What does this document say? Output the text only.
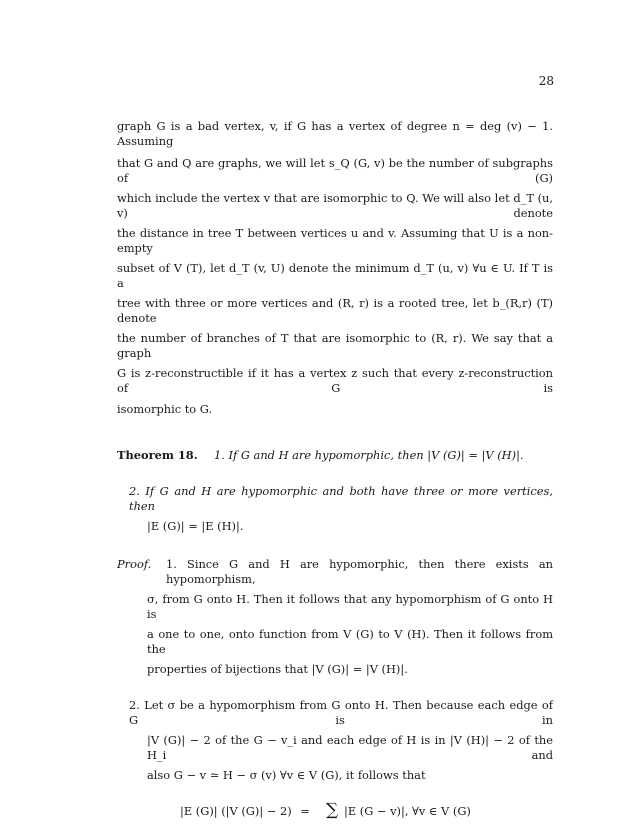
28
graph G is a bad vertex, v, if G has a vertex of degree n = deg (v) − 1. Assuming
that G and Q are graphs, we will let s_Q (G, v) be the number of subgraphs of (G)
which include the vertex v that are isomorphic to Q. We will also let d_T (u, v) denote
the distance in tree T between vertices u and v. Assuming that U is a non-empty
subset of V (T), let d_T (v, U) denote the minimum d_T (u, v) ∀u ∈ U. If T is a
tree with three or more vertices and (R, r) is a rooted tree, let b_(R,r) (T) denote
the number of branches of T that are isomorphic to (R, r). We say that a graph
G is z-reconstructible if it has a vertex z such that every z-reconstruction of G is
isomorphic to G.
Theorem 18. 1. If G and H are hypomorphic, then |V (G)| = |V (H)|.
2. If G and H are hypomorphic and both have three or more vertices, then
|E (G)| = |E (H)|.
Proof. 1. Since G and H are hypomorphic, then there exists an hypomorphism,
σ, from G onto H. Then it follows that any hypomorphism of G onto H is
a one to one, onto function from V (G) to V (H). Then it follows from the
properties of bijections that |V (G)| = |V (H)|.
2. Let σ be a hypomorphism from G onto H. Then because each edge of G is in
|V (G)| − 2 of the G − v_i and each edge of H is in |V (H)| − 2 of the H_i and
also G − v ≃ H − σ (v) ∀v ∈ V (G), it follows that
|E (G)| (|V (G)| − 2) = ∑ |E (G − v)|, ∀v ∈ V (G)
